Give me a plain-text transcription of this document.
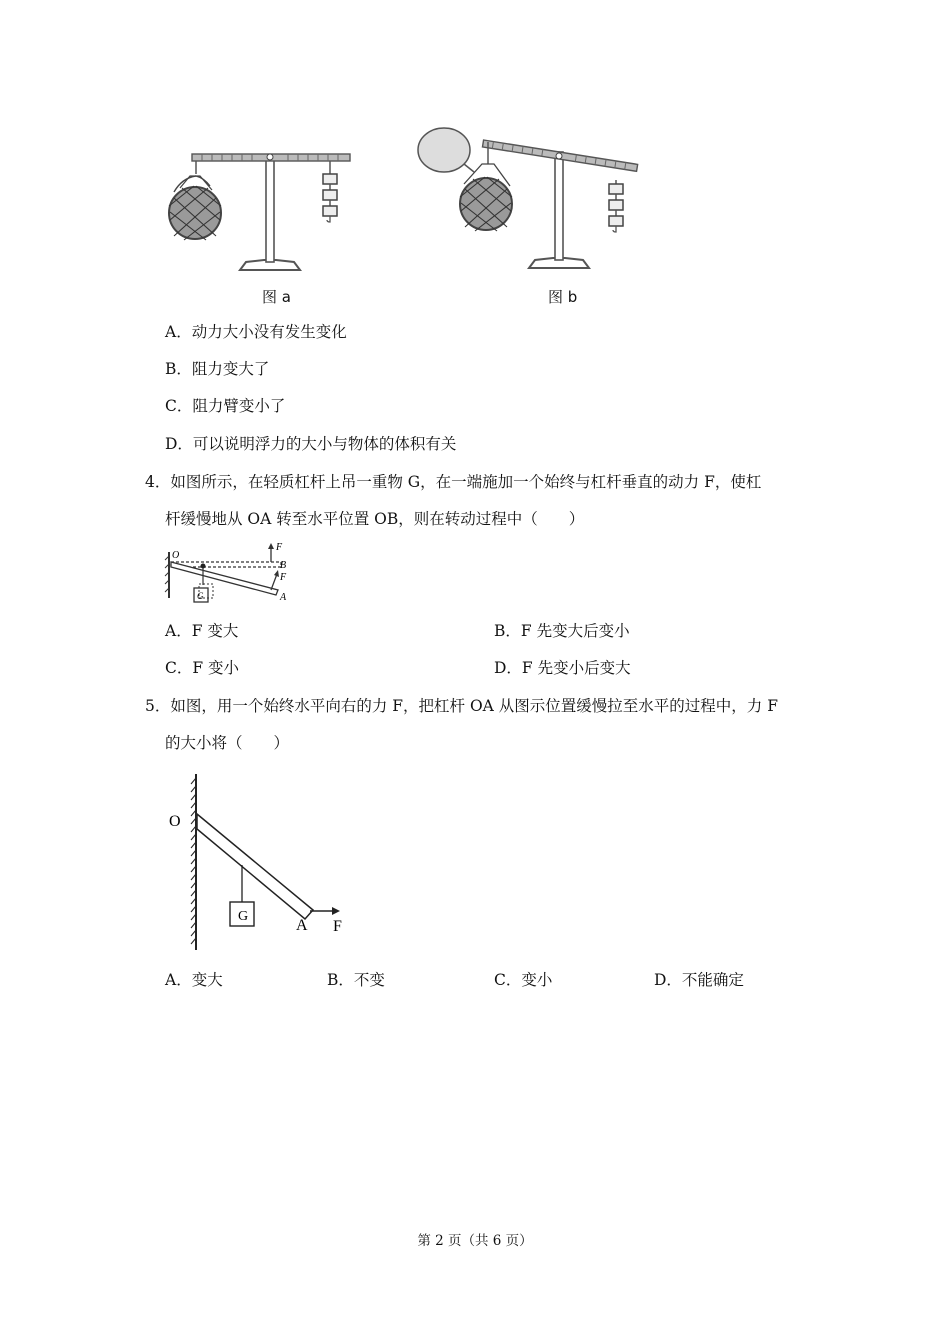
图 a	图 b
A．动力大小没有发生变化
B．阻力变大了
C．阻力臂变小了
D．可以说明浮力的大小与物体的体积有关
4．如图所示，在轻质杠杆上吊一重物 G，在一端施加一个始终与杠杆垂直的动力 F，使杠
杆缓慢地从 OA 转至水平位置 OB，则在转动过程中（　　）
O
F
B
F
A
G
A．F 变大	B．F 先变大后变小
C．F 变小	D．F 先变小后变大
5．如图，用一个始终水平向右的力 F，把杠杆 OA 从图示位置缓慢拉至水平的过程中，力 F
的大小将（　　）
G
O
A F
A．变大	B．不变	C．变小	D．不能确定
第 2 页（共 6 页）
